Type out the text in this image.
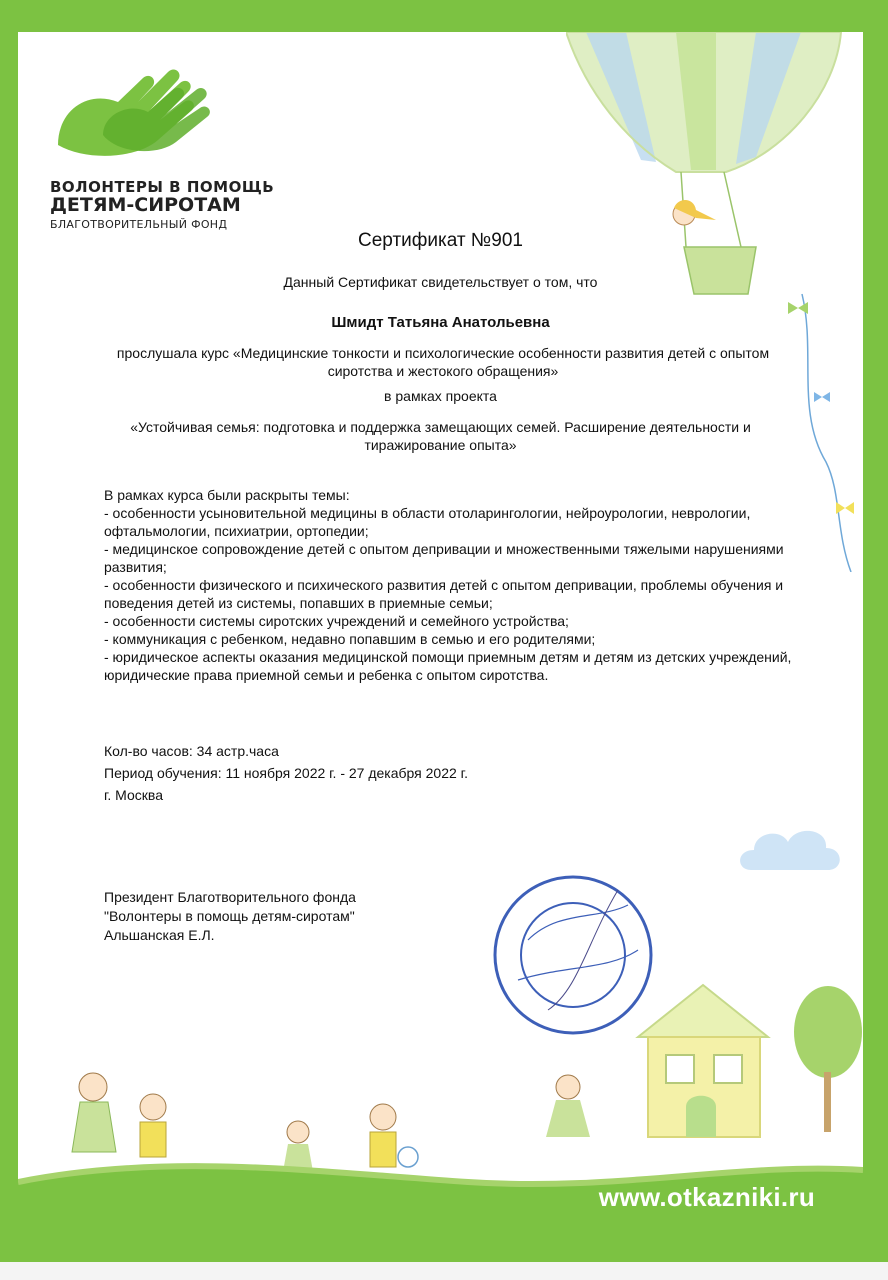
ВОЛОНТЕРЫ В ПОМОЩЬ
ДЕТЯМ-СИРОТАМ
БЛАГОТВОРИТЕЛЬНЫЙ ФОНД
Сертификат №901
Данный Сертификат свидетельствует о том, что
Шмидт Татьяна Анатольевна
прослушала курс «Медицинские тонкости и психологические особенности развития детей с опытом сиротства и жестокого обращения»
в рамках проекта
«Устойчивая семья: подготовка и поддержка замещающих семей. Расширение деятельности и тиражирование опыта»
В рамках курса были раскрыты темы:
- особенности усыновительной медицины в области отоларингологии, нейроурологии, неврологии, офтальмологии, психиатрии, ортопедии;
- медицинское сопровождение детей с опытом депривации и множественными тяжелыми нарушениями развития;
- особенности физического и психического развития детей с опытом депривации, проблемы обучения и поведения детей из системы, попавших в приемные семьи;
- особенности системы сиротских учреждений и семейного устройства;
- коммуникация с ребенком, недавно попавшим в семью и его родителями;
- юридическое аспекты оказания медицинской помощи приемным детям и детям из детских учреждений, юридические права приемной семьи и ребенка с опытом сиротства.
Кол-во часов: 34 астр.часа
Период обучения: 11 ноября 2022 г. - 27 декабря 2022 г.
г. Москва
Президент Благотворительного фонда
"Волонтеры в помощь детям-сиротам"
Альшанская Е.Л.
www.otkazniki.ru
